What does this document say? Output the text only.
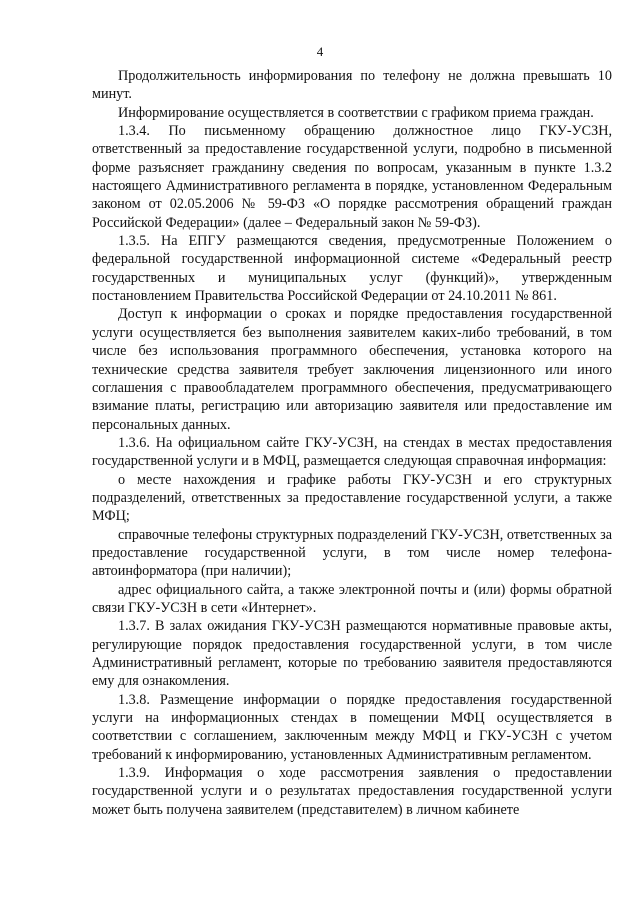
4

Продолжительность информирования по телефону не должна превышать 10 минут.

Информирование осуществляется в соответствии с графиком приема граждан.

1.3.4. По письменному обращению должностное лицо ГКУ-УСЗН, ответственный за предоставление государственной услуги, подробно в письменной форме разъясняет гражданину сведения по вопросам, указанным в пункте 1.3.2 настоящего Административного регламента в порядке, установленном Федеральным законом от 02.05.2006 № 59-ФЗ «О порядке рассмотрения обращений граждан Российской Федерации» (далее – Федеральный закон № 59-ФЗ).

1.3.5. На ЕПГУ размещаются сведения, предусмотренные Положением о федеральной государственной информационной системе «Федеральный реестр государственных и муниципальных услуг (функций)», утвержденным постановлением Правительства Российской Федерации от 24.10.2011 № 861.

Доступ к информации о сроках и порядке предоставления государственной услуги осуществляется без выполнения заявителем каких-либо требований, в том числе без использования программного обеспечения, установка которого на технические средства заявителя требует заключения лицензионного или иного соглашения с правообладателем программного обеспечения, предусматривающего взимание платы, регистрацию или авторизацию заявителя или предоставление им персональных данных.

1.3.6. На официальном сайте ГКУ-УСЗН, на стендах в местах предоставления государственной услуги и в МФЦ, размещается следующая справочная информация:

о месте нахождения и графике работы ГКУ-УСЗН и его структурных подразделений, ответственных за предоставление государственной услуги, а также МФЦ;

справочные телефоны структурных подразделений ГКУ-УСЗН, ответственных за предоставление государственной услуги, в том числе номер телефона-автоинформатора (при наличии);

адрес официального сайта, а также электронной почты и (или) формы обратной связи ГКУ-УСЗН в сети «Интернет».

1.3.7. В залах ожидания ГКУ-УСЗН размещаются нормативные правовые акты, регулирующие порядок предоставления государственной услуги, в том числе Административный регламент, которые по требованию заявителя предоставляются ему для ознакомления.

1.3.8. Размещение информации о порядке предоставления государственной услуги на информационных стендах в помещении МФЦ осуществляется в соответствии с соглашением, заключенным между МФЦ и ГКУ-УСЗН с учетом требований к информированию, установленных Административным регламентом.

1.3.9. Информация о ходе рассмотрения заявления о предоставлении государственной услуги и о результатах предоставления государственной услуги может быть получена заявителем (представителем) в личном кабинете
